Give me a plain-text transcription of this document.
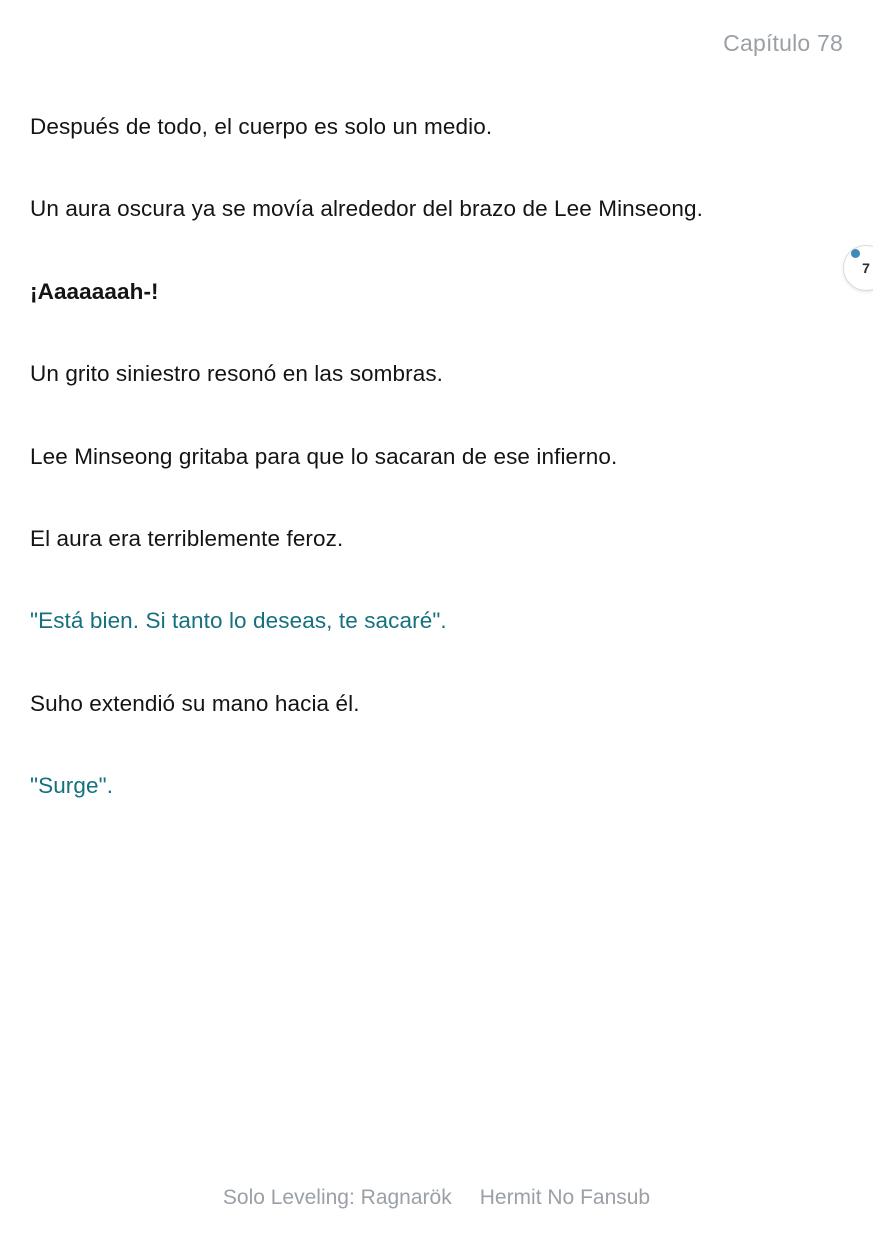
Capítulo 78

Después de todo, el cuerpo es solo un medio.

Un aura oscura ya se movía alrededor del brazo de Lee Minseong.

¡Aaaaaaah-!

Un grito siniestro resonó en las sombras.

Lee Minseong gritaba para que lo sacaran de ese infierno.

El aura era terriblemente feroz.

"Está bien. Si tanto lo deseas, te sacaré".

Suho extendió su mano hacia él.

"Surge".

7
Solo Leveling: Ragnarök Hermit No Fansub
